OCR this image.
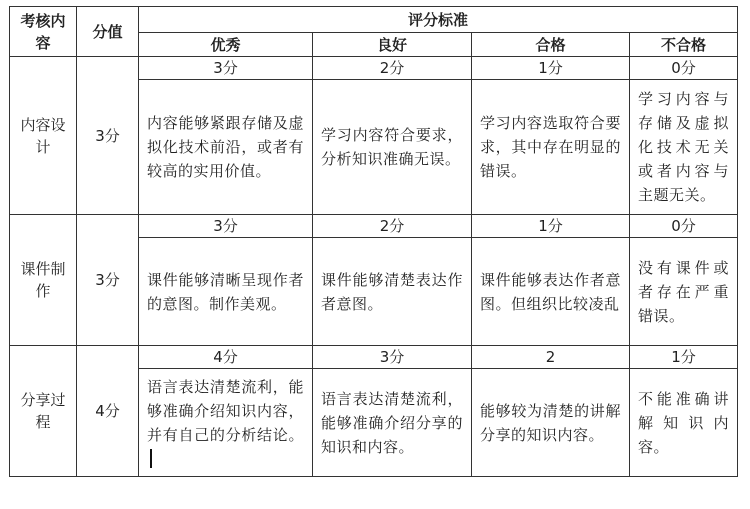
考核内容	分值	评分标准			
		优秀	良好	合格	不合格
内容设计	3分	3分	2分	1分	0分
		内容能够紧跟存储及虚拟化技术前沿，或者有较高的实用价值。	学习内容符合要求，分析知识准确无误。	学习内容选取符合要求，其中存在明显的错误。	学习内容与存储及虚拟化技术无关或者内容与主题无关。
课件制作	3分	3分	2分	1分	0分
		课件能够清晰呈现作者的意图。制作美观。	课件能够清楚表达作者意图。	课件能够表达作者意图。但组织比较凌乱	没有课件或者存在严重错误。
分享过程	4分	4分	3分	2	1分
		语言表达清楚流利，能够准确介绍知识内容，并有自己的分析结论。	语言表达清楚流利，能够准确介绍分享的知识和内容。	能够较为清楚的讲解分享的知识内容。	不能准确讲解知识内容。
